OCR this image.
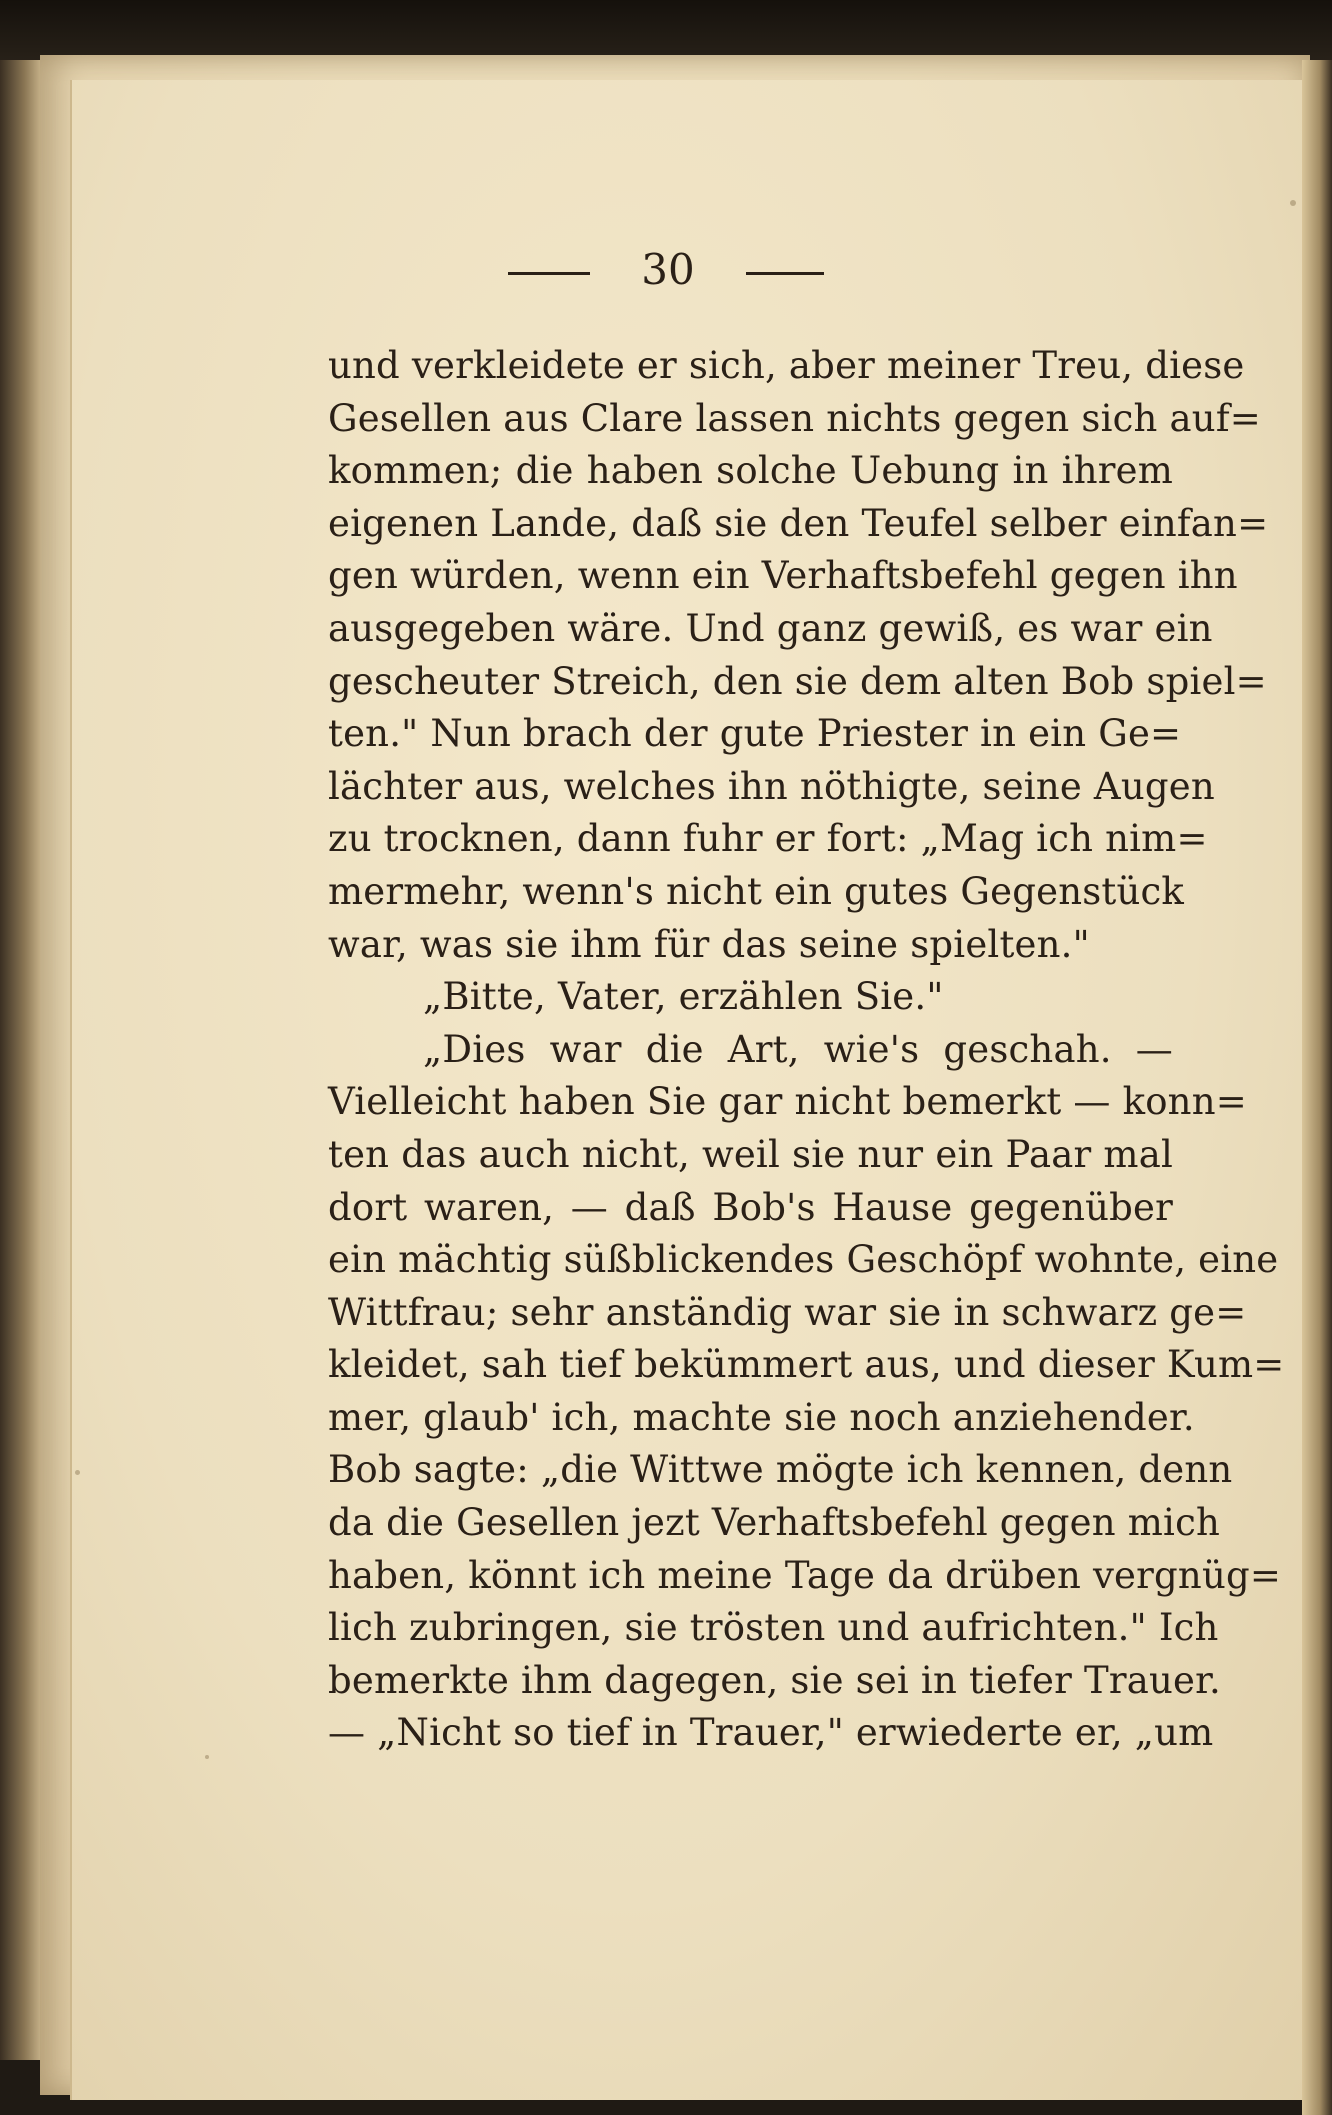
30
und verkleidete er sich, aber meiner Treu, diese
Gesellen aus Clare lassen nichts gegen sich auf=
kommen; die haben solche Uebung in ihrem
eigenen Lande, daß sie den Teufel selber einfan=
gen würden, wenn ein Verhaftsbefehl gegen ihn
ausgegeben wäre. Und ganz gewiß, es war ein
gescheuter Streich, den sie dem alten Bob spiel=
ten." Nun brach der gute Priester in ein Ge=
lächter aus, welches ihn nöthigte, seine Augen
zu trocknen, dann fuhr er fort: „Mag ich nim=
mermehr, wenn's nicht ein gutes Gegenstück
war, was sie ihm für das seine spielten."
„Bitte, Vater, erzählen Sie."
„Dies war die Art, wie's geschah. —
Vielleicht haben Sie gar nicht bemerkt — konn=
ten das auch nicht, weil sie nur ein Paar mal
dort waren, — daß Bob's Hause gegenüber
ein mächtig süßblickendes Geschöpf wohnte, eine
Wittfrau; sehr anständig war sie in schwarz ge=
kleidet, sah tief bekümmert aus, und dieser Kum=
mer, glaub' ich, machte sie noch anziehender.
Bob sagte: „die Wittwe mögte ich kennen, denn
da die Gesellen jezt Verhaftsbefehl gegen mich
haben, könnt ich meine Tage da drüben vergnüg=
lich zubringen, sie trösten und aufrichten." Ich
bemerkte ihm dagegen, sie sei in tiefer Trauer.
— „Nicht so tief in Trauer," erwiederte er, „um
